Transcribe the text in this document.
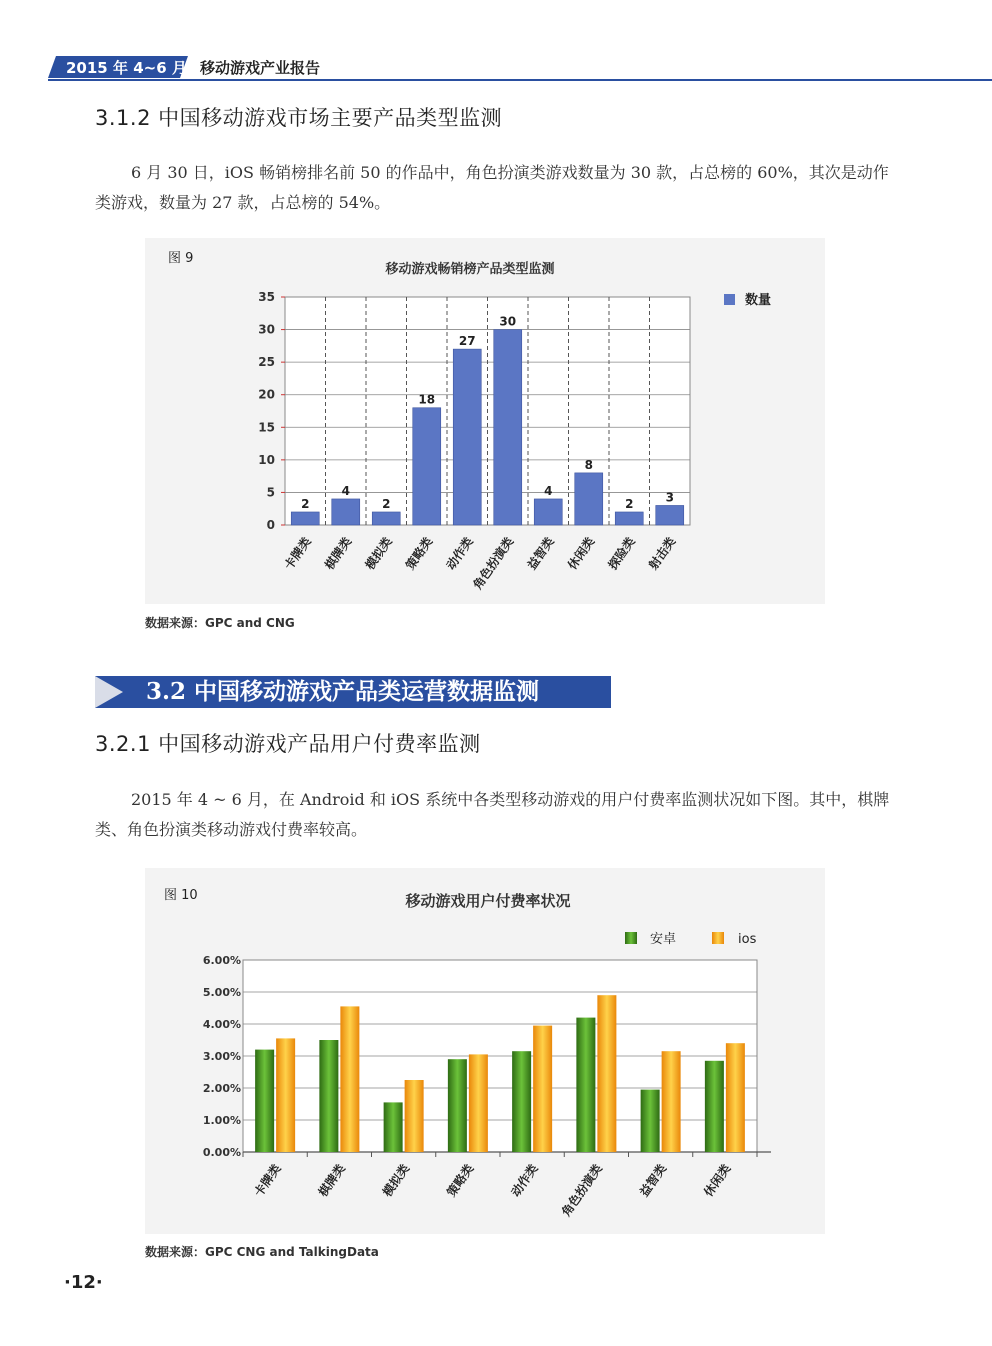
2015 年 4~6 月 移动游戏产业报告
3.1.2 中国移动游戏市场主要产品类型监测
6 月 30 日，iOS 畅销榜排名前 50 的作品中，角色扮演类游戏数量为 30 款，占总榜的 60%，其次是动作类游戏，数量为 27 款，占总榜的 54%。
图 9
移动游戏畅销榜产品类型监测
0
5
10
15
20
25
30
35
2
卡牌类
4
棋牌类
2
模拟类
18
策略类
27
动作类
30
角色扮演类
4
益智类
8
休闲类
2
探险类
3
射击类
数量
数据来源：GPC and CNG
3.2 中国移动游戏产品类运营数据监测
3.2.1 中国移动游戏产品用户付费率监测
2015 年 4 ~ 6 月，在 Android 和 iOS 系统中各类型移动游戏的用户付费率监测状况如下图。其中，棋牌类、角色扮演类移动游戏付费率较高。
图 10	移动游戏用户付费率状况
0.00%
1.00%
2.00%
3.00%
4.00%
5.00%
6.00%
卡牌类	棋牌类	模拟类	策略类	动作类 角色扮演类	益智类	休闲类
安卓	ios
数据来源：GPC CNG and TalkingData
·12·
